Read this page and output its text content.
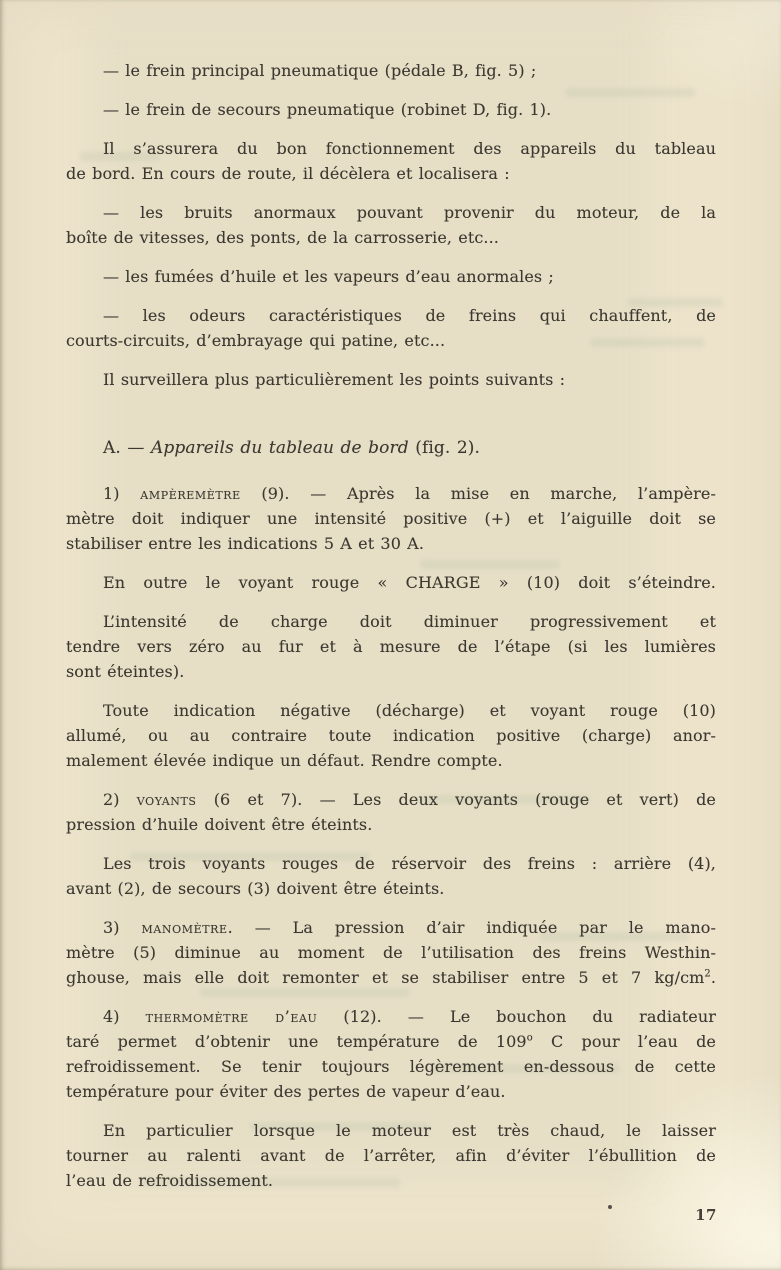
— le frein principal pneumatique (pédale B, fig. 5) ;
— le frein de secours pneumatique (robinet D, fig. 1).
Il s’assurera du bon fonctionnement des appareils du tableau
de bord. En cours de route, il décèlera et localisera :
— les bruits anormaux pouvant provenir du moteur, de la
boîte de vitesses, des ponts, de la carrosserie, etc...
— les fumées d’huile et les vapeurs d’eau anormales ;
— les odeurs caractéristiques de freins qui chauffent, de
courts-circuits, d’embrayage qui patine, etc...
Il surveillera plus particulièrement les points suivants :
A. — Appareils du tableau de bord (fig. 2).
1) ampèremètre (9). — Après la mise en marche, l’ampère-
mètre doit indiquer une intensité positive (+) et l’aiguille doit se
stabiliser entre les indications 5 A et 30 A.
En outre le voyant rouge « CHARGE » (10) doit s’éteindre.
L’intensité de charge doit diminuer progressivement et
tendre vers zéro au fur et à mesure de l’étape (si les lumières
sont éteintes).
Toute indication négative (décharge) et voyant rouge (10)
allumé, ou au contraire toute indication positive (charge) anor-
malement élevée indique un défaut. Rendre compte.
2) voyants (6 et 7). — Les deux voyants (rouge et vert) de
pression d’huile doivent être éteints.
Les trois voyants rouges de réservoir des freins : arrière (4),
avant (2), de secours (3) doivent être éteints.
3) manomètre. — La pression d’air indiquée par le mano-
mètre (5) diminue au moment de l’utilisation des freins Westhin-
ghouse, mais elle doit remonter et se stabiliser entre 5 et 7 $kg/cm^2$.
4) thermomètre d’eau (12). — Le bouchon du radiateur
taré permet d’obtenir une température de 109$^o$ C pour l’eau de
refroidissement. Se tenir toujours légèrement en-dessous de cette
température pour éviter des pertes de vapeur d’eau.
En particulier lorsque le moteur est très chaud, le laisser
tourner au ralenti avant de l’arrêter, afin d’éviter l’ébullition de
l’eau de refroidissement.
17
